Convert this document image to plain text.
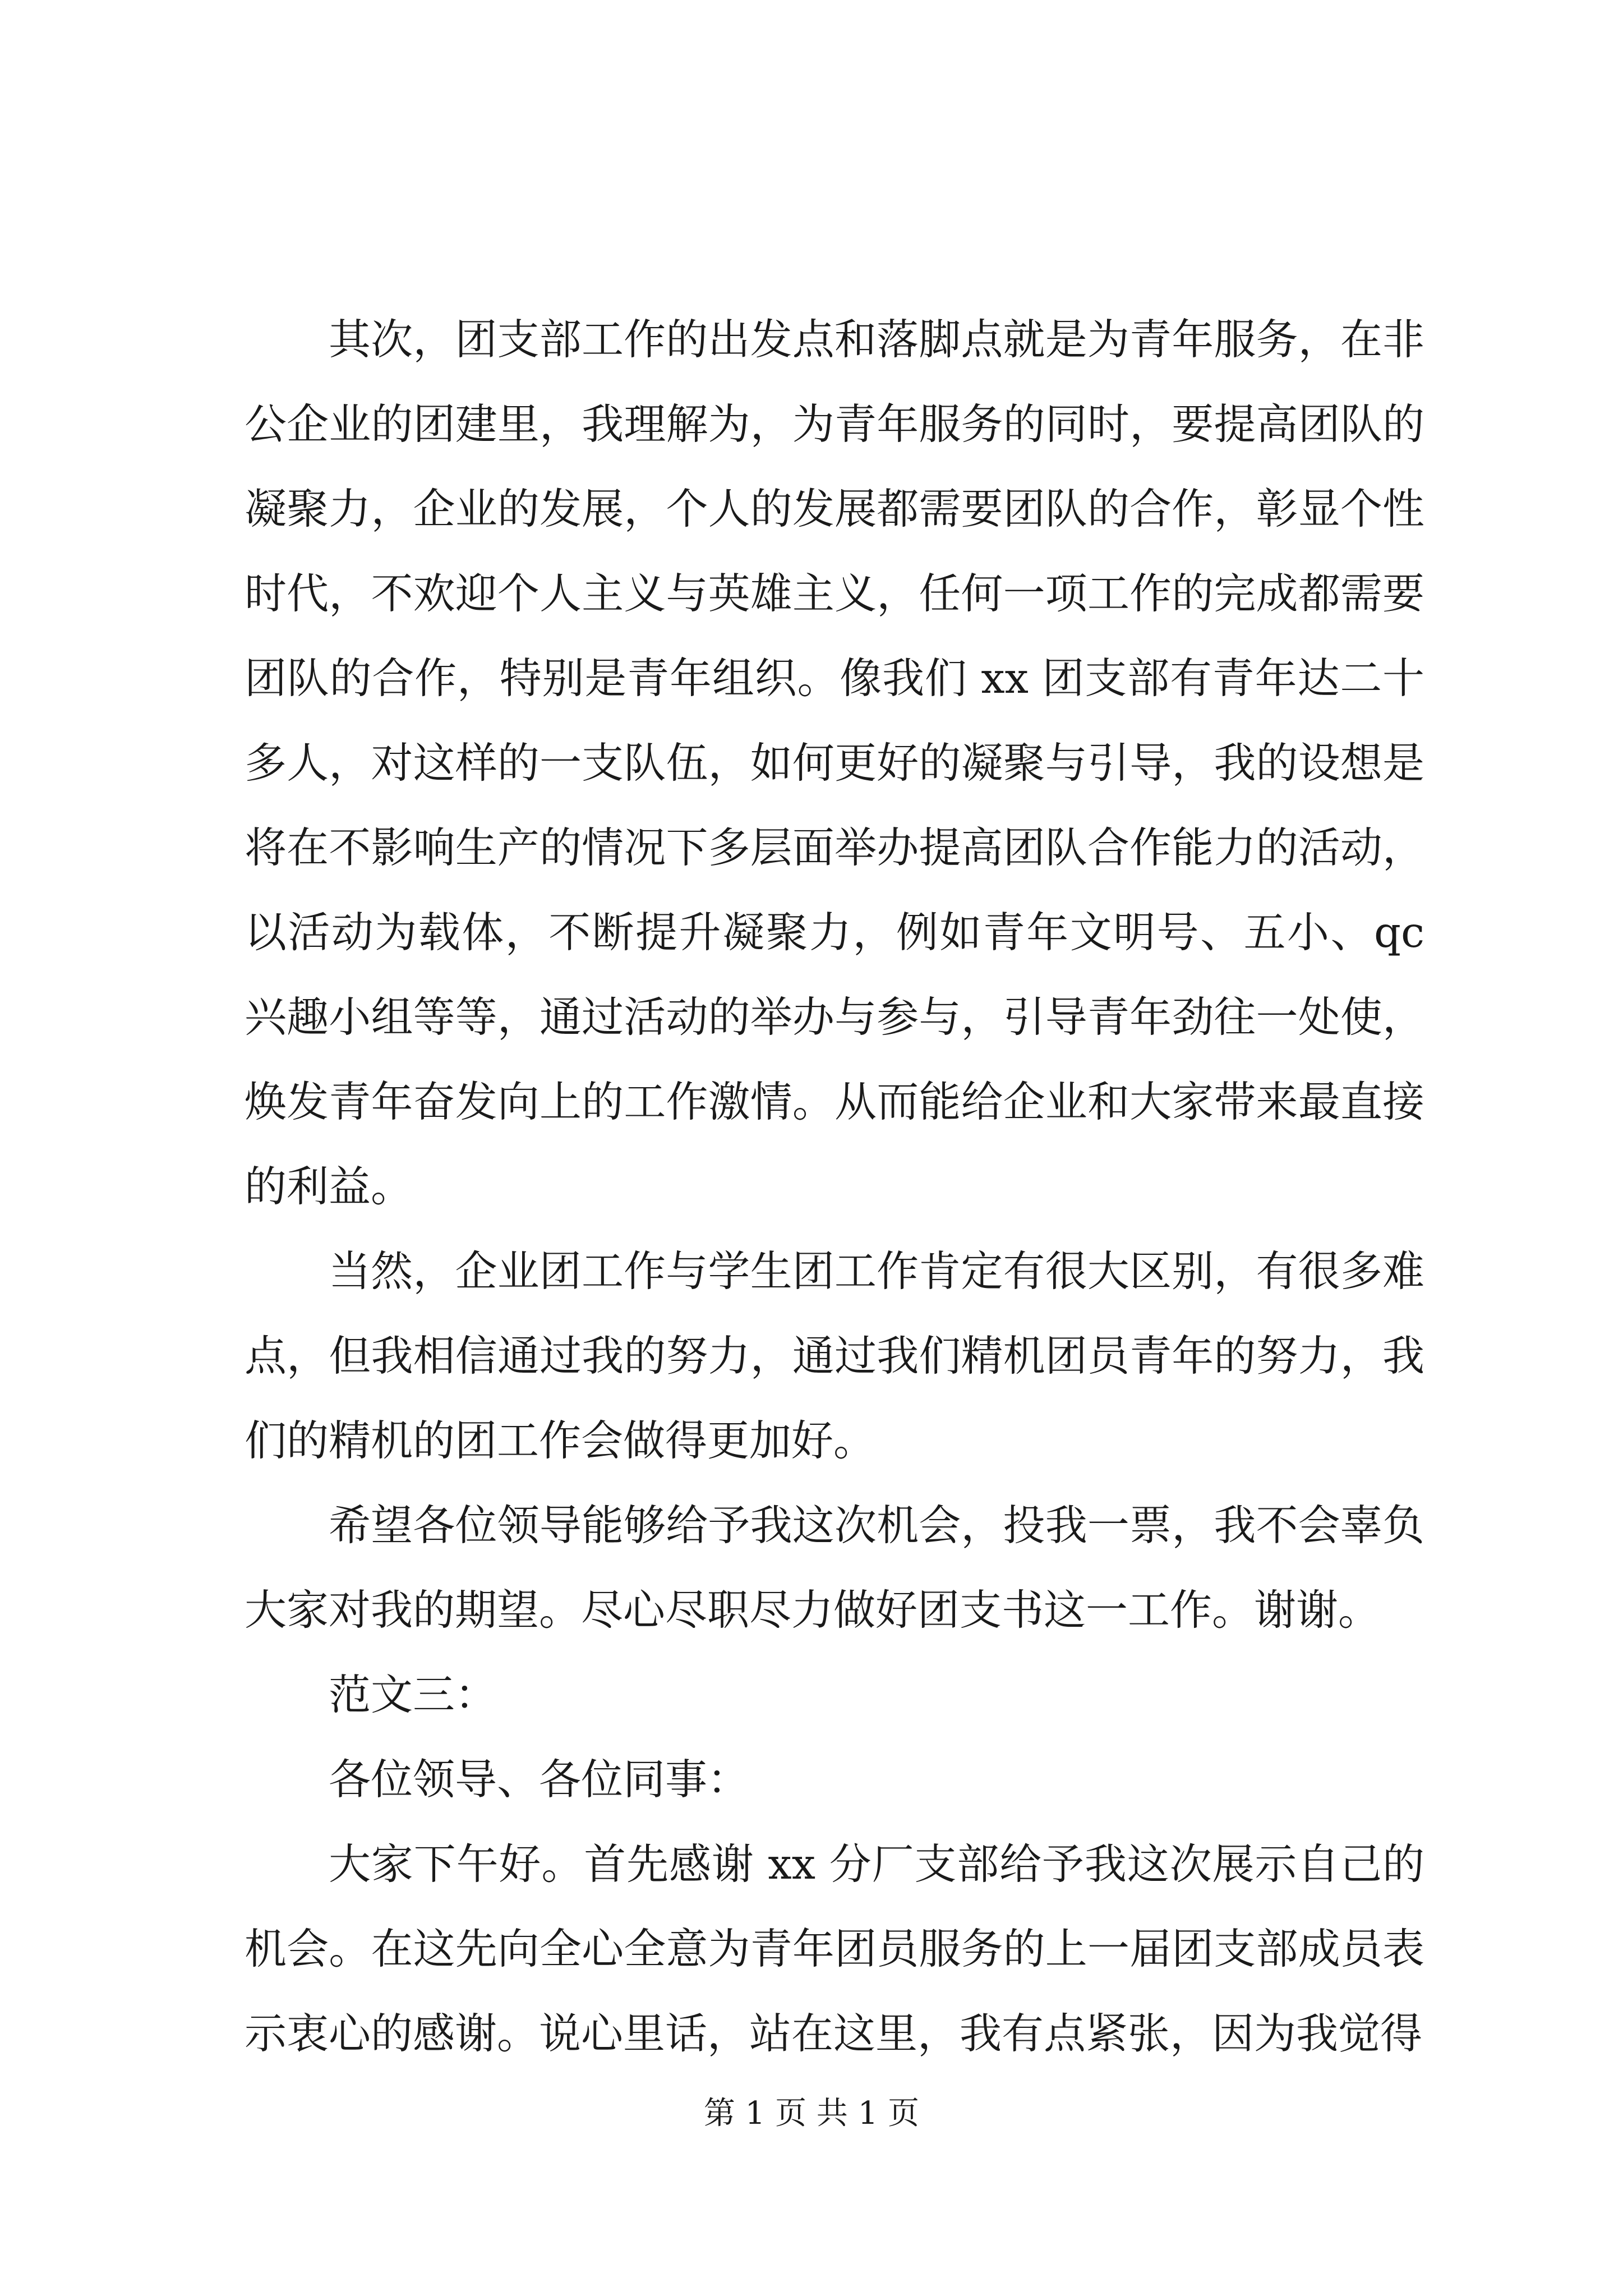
其次，团支部工作的出发点和落脚点就是为青年服务，在非公企业的团建里，我理解为，为青年服务的同时，要提高团队的凝聚力，企业的发展，个人的发展都需要团队的合作，彰显个性时代，不欢迎个人主义与英雄主义，任何一项工作的完成都需要团队的合作，特别是青年组织。像我们 xx 团支部有青年达二十多人，对这样的一支队伍，如何更好的凝聚与引导，我的设想是将在不影响生产的情况下多层面举办提高团队合作能力的活动，以活动为载体，不断提升凝聚力，例如青年文明号、五小、qc 兴趣小组等等，通过活动的举办与参与，引导青年劲往一处使，焕发青年奋发向上的工作激情。从而能给企业和大家带来最直接的利益。

当然，企业团工作与学生团工作肯定有很大区别，有很多难点，但我相信通过我的努力，通过我们精机团员青年的努力，我们的精机的团工作会做得更加好。

希望各位领导能够给予我这次机会，投我一票，我不会辜负大家对我的期望。尽心尽职尽力做好团支书这一工作。谢谢。

范文三：

各位领导、各位同事：

大家下午好。首先感谢 xx 分厂支部给予我这次展示自己的机会。在这先向全心全意为青年团员服务的上一届团支部成员表示衷心的感谢。说心里话，站在这里，我有点紧张，因为我觉得

第 1 页 共 1 页
